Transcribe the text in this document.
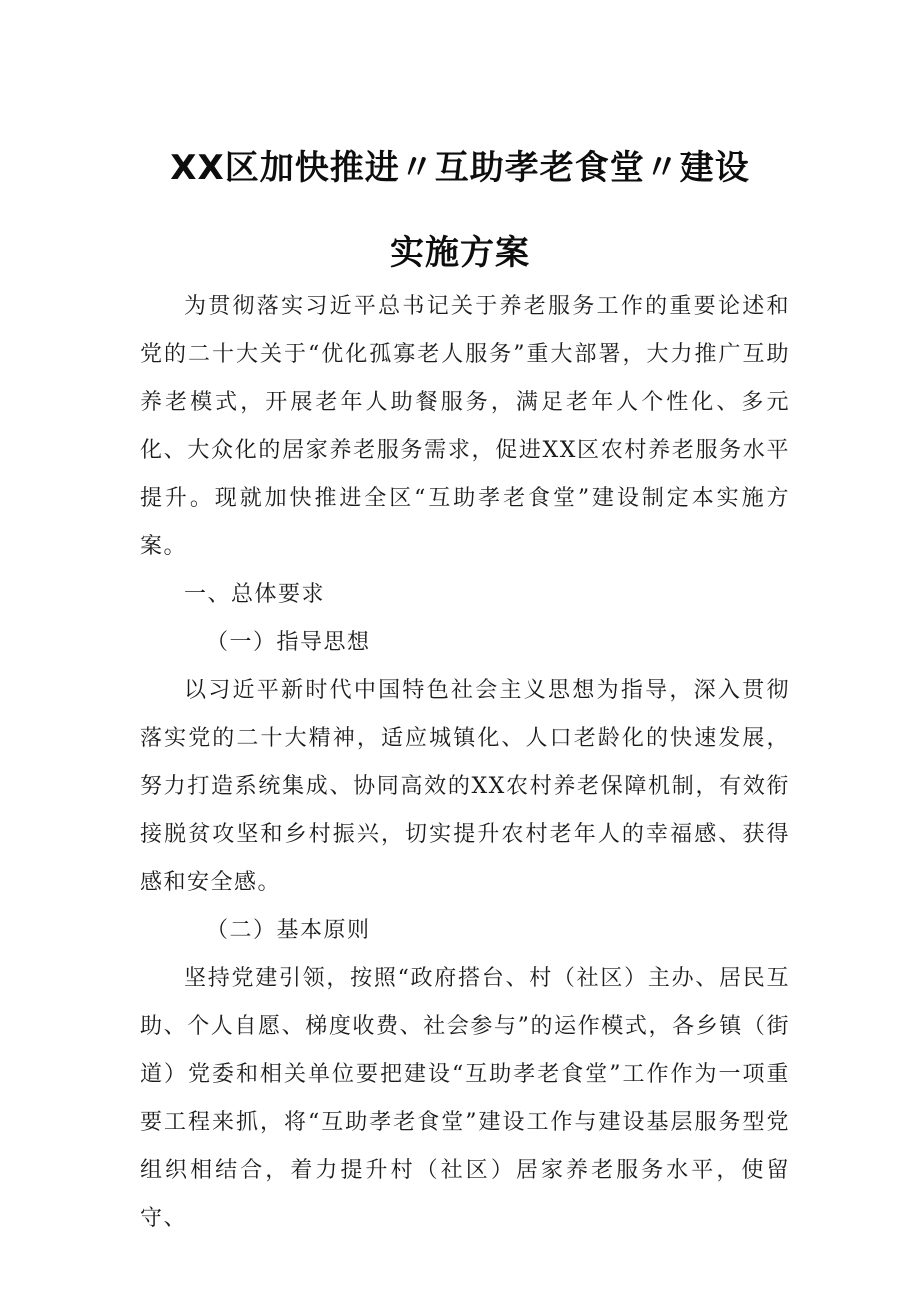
XX区加快推进〃互助孝老食堂〃建设
实施方案

为贯彻落实习近平总书记关于养老服务工作的重要论述和党的二十大关于“优化孤寡老人服务”重大部署，大力推广互助养老模式，开展老年人助餐服务，满足老年人个性化、多元化、大众化的居家养老服务需求，促进XX区农村养老服务水平提升。现就加快推进全区“互助孝老食堂”建设制定本实施方案。

一、总体要求

（一）指导思想

以习近平新时代中国特色社会主义思想为指导，深入贯彻落实党的二十大精神，适应城镇化、人口老龄化的快速发展，努力打造系统集成、协同高效的XX农村养老保障机制，有效衔接脱贫攻坚和乡村振兴，切实提升农村老年人的幸福感、获得感和安全感。

（二）基本原则

坚持党建引领，按照“政府搭台、村（社区）主办、居民互助、个人自愿、梯度收费、社会参与”的运作模式，各乡镇（街道）党委和相关单位要把建设“互助孝老食堂”工作作为一项重要工程来抓，将“互助孝老食堂”建设工作与建设基层服务型党组织相结合，着力提升村（社区）居家养老服务水平，使留守、
